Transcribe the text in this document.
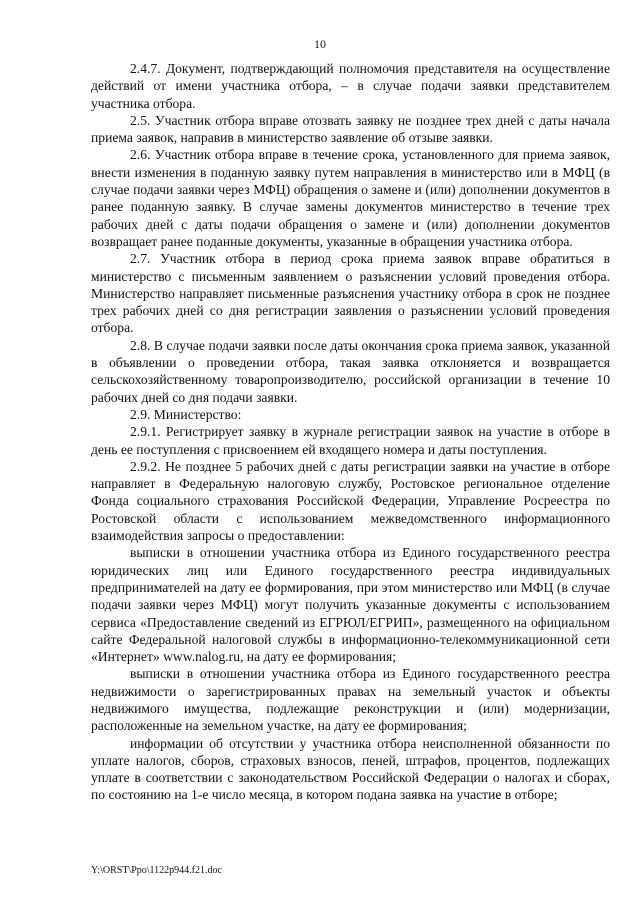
10

2.4.7. Документ, подтверждающий полномочия представителя на осуществление действий от имени участника отбора, – в случае подачи заявки представителем участника отбора.

2.5. Участник отбора вправе отозвать заявку не позднее трех дней с даты начала приема заявок, направив в министерство заявление об отзыве заявки.

2.6. Участник отбора вправе в течение срока, установленного для приема заявок, внести изменения в поданную заявку путем направления в министерство или в МФЦ (в случае подачи заявки через МФЦ) обращения о замене и (или) дополнении документов в ранее поданную заявку. В случае замены документов министерство в течение трех рабочих дней с даты подачи обращения о замене и (или) дополнении документов возвращает ранее поданные документы, указанные в обращении участника отбора.

2.7. Участник отбора в период срока приема заявок вправе обратиться в министерство с письменным заявлением о разъяснении условий проведения отбора. Министерство направляет письменные разъяснения участнику отбора в срок не позднее трех рабочих дней со дня регистрации заявления о разъяснении условий проведения отбора.

2.8. В случае подачи заявки после даты окончания срока приема заявок, указанной в объявлении о проведении отбора, такая заявка отклоняется и возвращается сельскохозяйственному товаропроизводителю, российской организации в течение 10 рабочих дней со дня подачи заявки.

2.9. Министерство:

2.9.1. Регистрирует заявку в журнале регистрации заявок на участие в отборе в день ее поступления с присвоением ей входящего номера и даты поступления.

2.9.2. Не позднее 5 рабочих дней с даты регистрации заявки на участие в отборе направляет в Федеральную налоговую службу, Ростовское региональное отделение Фонда социального страхования Российской Федерации, Управление Росреестра по Ростовской области с использованием межведомственного информационного взаимодействия запросы о предоставлении:

выписки в отношении участника отбора из Единого государственного реестра юридических лиц или Единого государственного реестра индивидуальных предпринимателей на дату ее формирования, при этом министерство или МФЦ (в случае подачи заявки через МФЦ) могут получить указанные документы с использованием сервиса «Предоставление сведений из ЕГРЮЛ/ЕГРИП», размещенного на официальном сайте Федеральной налоговой службы в информационно-телекоммуникационной сети «Интернет» www.nalog.ru, на дату ее формирования;

выписки в отношении участника отбора из Единого государственного реестра недвижимости о зарегистрированных правах на земельный участок и объекты недвижимого имущества, подлежащие реконструкции и (или) модернизации, расположенные на земельном участке, на дату ее формирования;

информации об отсутствии у участника отбора неисполненной обязанности по уплате налогов, сборов, страховых взносов, пеней, штрафов, процентов, подлежащих уплате в соответствии с законодательством Российской Федерации о налогах и сборах, по состоянию на 1-е число месяца, в котором подана заявка на участие в отборе;

Y:\ORST\Ppo\1122p944.f21.doc
